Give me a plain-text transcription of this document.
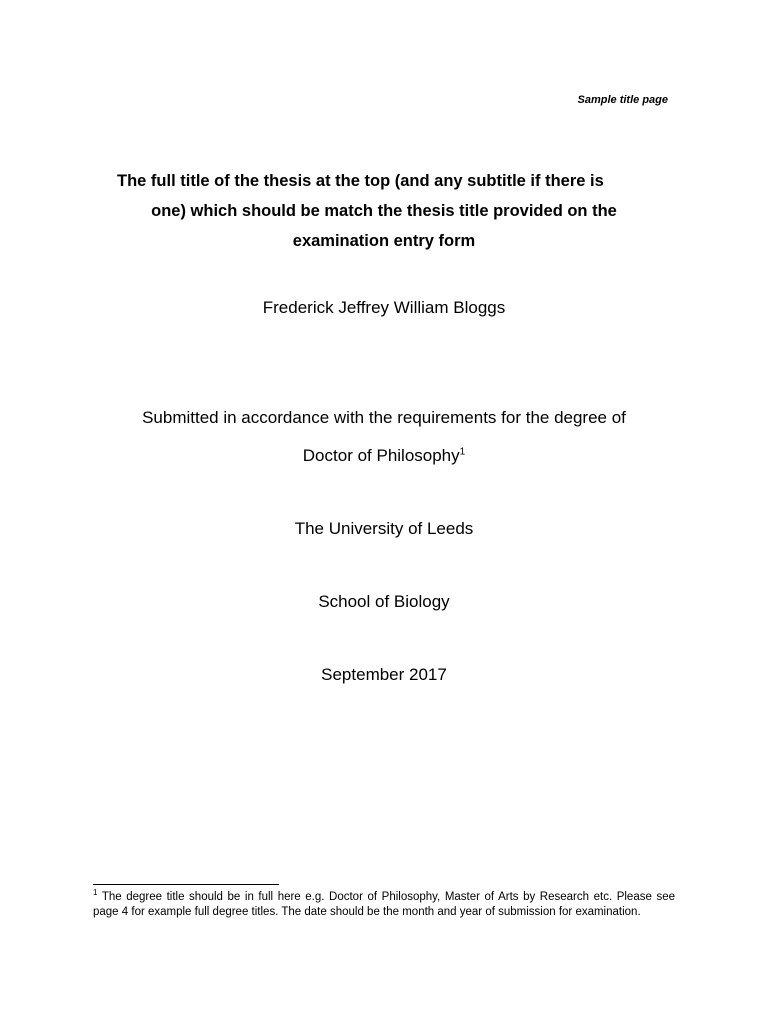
Sample title page
The full title of the thesis at the top (and any subtitle if there is
one) which should be match the thesis title provided on the
examination entry form
Frederick Jeffrey William Bloggs
Submitted in accordance with the requirements for the degree of
Doctor of Philosophy$^1$
The University of Leeds
School of Biology
September 2017
$^1$ The degree title should be in full here e.g. Doctor of Philosophy, Master of Arts by Research etc. Please see page 4 for example full degree titles. The date should be the month and year of submission for examination.
